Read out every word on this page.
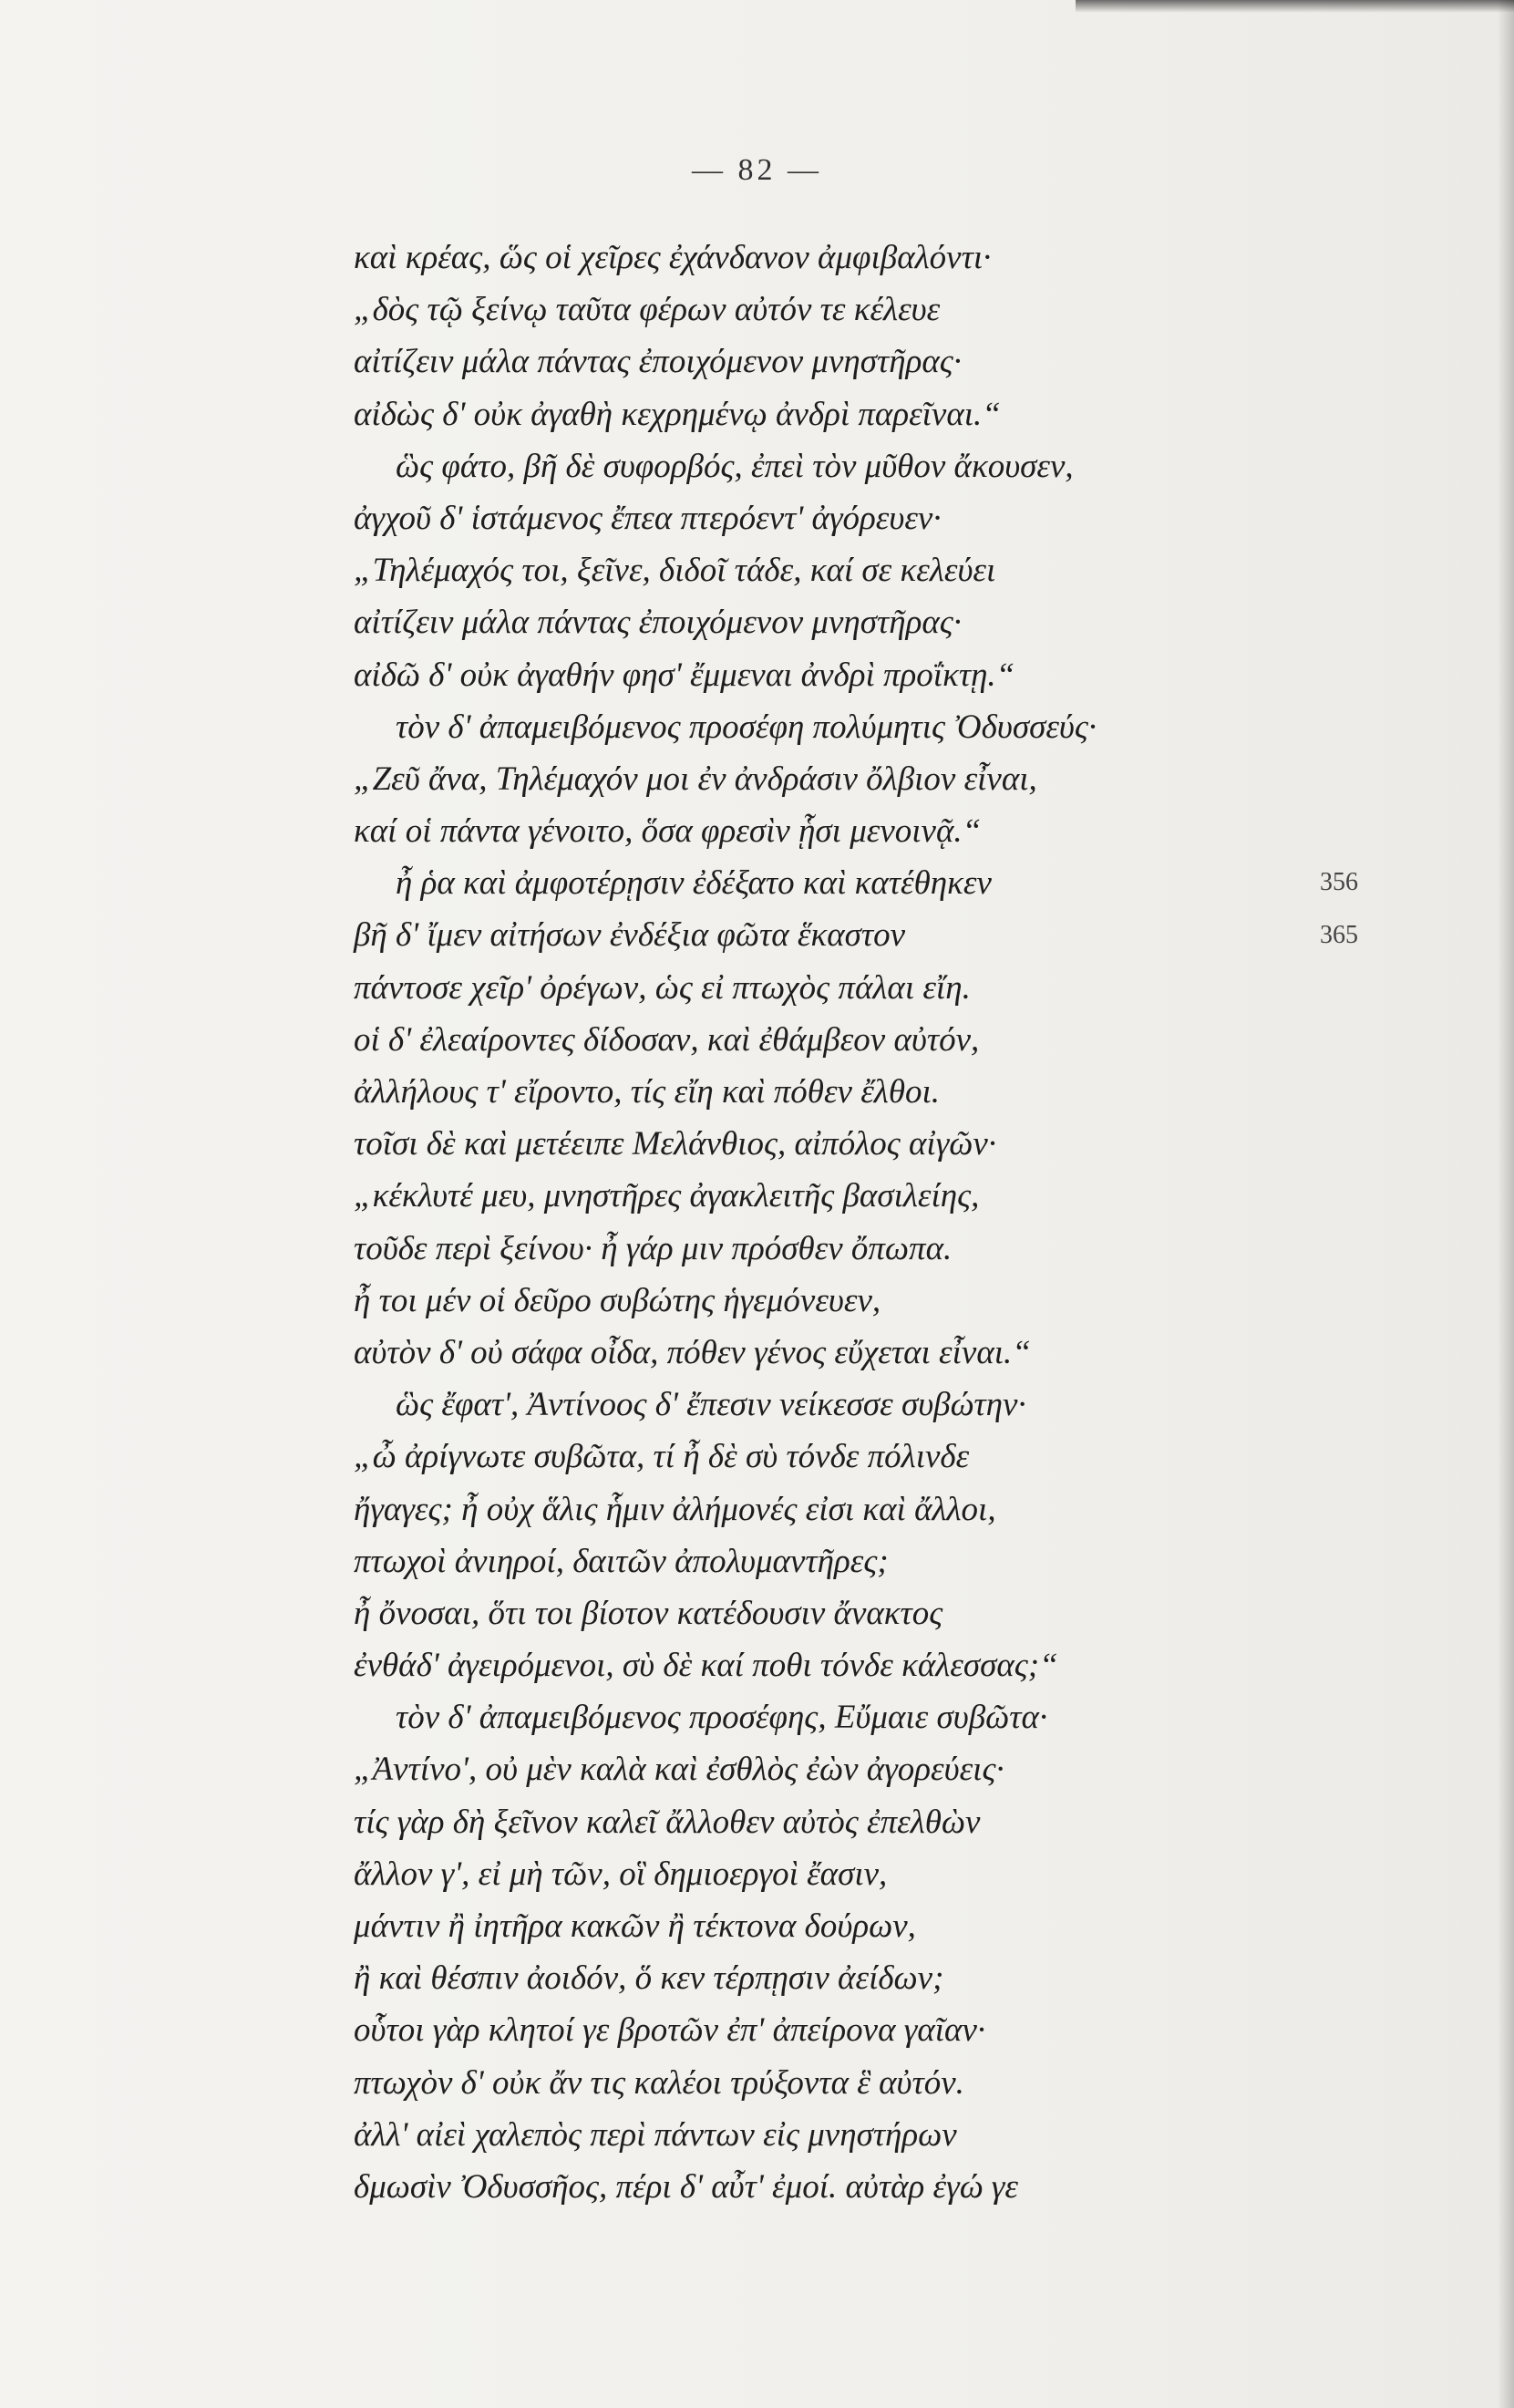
— 82 —
καὶ κρέας, ὥς οἱ χεῖρες ἐχάνδανον ἀμφιβαλόντι·
„δὸς τῷ ξείνῳ ταῦτα φέρων αὐτόν τε κέλευε
αἰτίζειν μάλα πάντας ἐποιχόμενον μνηστῆρας·
αἰδὼς δ' οὐκ ἀγαθὴ κεχρημένῳ ἀνδρὶ παρεῖναι.“
ὣς φάτο, βῆ δὲ συφορβός, ἐπεὶ τὸν μῦθον ἄκουσεν,
ἀγχοῦ δ' ἱστάμενος ἔπεα πτερόεντ' ἀγόρευεν·
„Τηλέμαχός τοι, ξεῖνε, διδοῖ τάδε, καί σε κελεύει
αἰτίζειν μάλα πάντας ἐποιχόμενον μνηστῆρας·
αἰδῶ δ' οὐκ ἀγαθήν φησ' ἔμμεναι ἀνδρὶ προΐκτῃ.“
τὸν δ' ἀπαμειβόμενος προσέφη πολύμητις Ὀδυσσεύς·
„Ζεῦ ἄνα, Τηλέμαχόν μοι ἐν ἀνδράσιν ὄλβιον εἶναι,
καί οἱ πάντα γένοιτο, ὅσα φρεσὶν ᾗσι μενοινᾷ.“
ἦ ῥα καὶ ἀμφοτέρῃσιν ἐδέξατο καὶ κατέθηκεν
βῆ δ' ἴμεν αἰτήσων ἐνδέξια φῶτα ἕκαστον
πάντοσε χεῖρ' ὀρέγων, ὡς εἰ πτωχὸς πάλαι εἴη.
οἱ δ' ἐλεαίροντες δίδοσαν, καὶ ἐθάμβεον αὐτόν,
ἀλλήλους τ' εἴροντο, τίς εἴη καὶ πόθεν ἔλθοι.
τοῖσι δὲ καὶ μετέειπε Μελάνθιος, αἰπόλος αἰγῶν·
„κέκλυτέ μευ, μνηστῆρες ἀγακλειτῆς βασιλείης,
τοῦδε περὶ ξείνου· ἦ γάρ μιν πρόσθεν ὄπωπα.
ἦ τοι μέν οἱ δεῦρο συβώτης ἡγεμόνευεν,
αὐτὸν δ' οὐ σάφα οἶδα, πόθεν γένος εὔχεται εἶναι.“
ὣς ἔφατ', Ἀντίνοος δ' ἔπεσιν νείκεσσε συβώτην·
„ὦ ἀρίγνωτε συβῶτα, τί ἦ δὲ σὺ τόνδε πόλινδε
ἤγαγες; ἦ οὐχ ἅλις ἧμιν ἀλήμονές εἰσι καὶ ἄλλοι,
πτωχοὶ ἀνιηροί, δαιτῶν ἀπολυμαντῆρες;
ἦ ὄνοσαι, ὅτι τοι βίοτον κατέδουσιν ἄνακτος
ἐνθάδ' ἀγειρόμενοι, σὺ δὲ καί ποθι τόνδε κάλεσσας;“
τὸν δ' ἀπαμειβόμενος προσέφης, Εὔμαιε συβῶτα·
„Ἀντίνο', οὐ μὲν καλὰ καὶ ἐσθλὸς ἐὼν ἀγορεύεις·
τίς γὰρ δὴ ξεῖνον καλεῖ ἄλλοθεν αὐτὸς ἐπελθὼν
ἄλλον γ', εἰ μὴ τῶν, οἳ δημιοεργοὶ ἔασιν,
μάντιν ἢ ἰητῆρα κακῶν ἢ τέκτονα δούρων,
ἢ καὶ θέσπιν ἀοιδόν, ὅ κεν τέρπῃσιν ἀείδων;
οὗτοι γὰρ κλητοί γε βροτῶν ἐπ' ἀπείρονα γαῖαν·
πτωχὸν δ' οὐκ ἄν τις καλέοι τρύξοντα ἓ αὐτόν.
ἀλλ' αἰεὶ χαλεπὸς περὶ πάντων εἰς μνηστήρων
δμωσὶν Ὀδυσσῆος, πέρι δ' αὖτ' ἐμοί. αὐτὰρ ἐγώ γε
356
365
